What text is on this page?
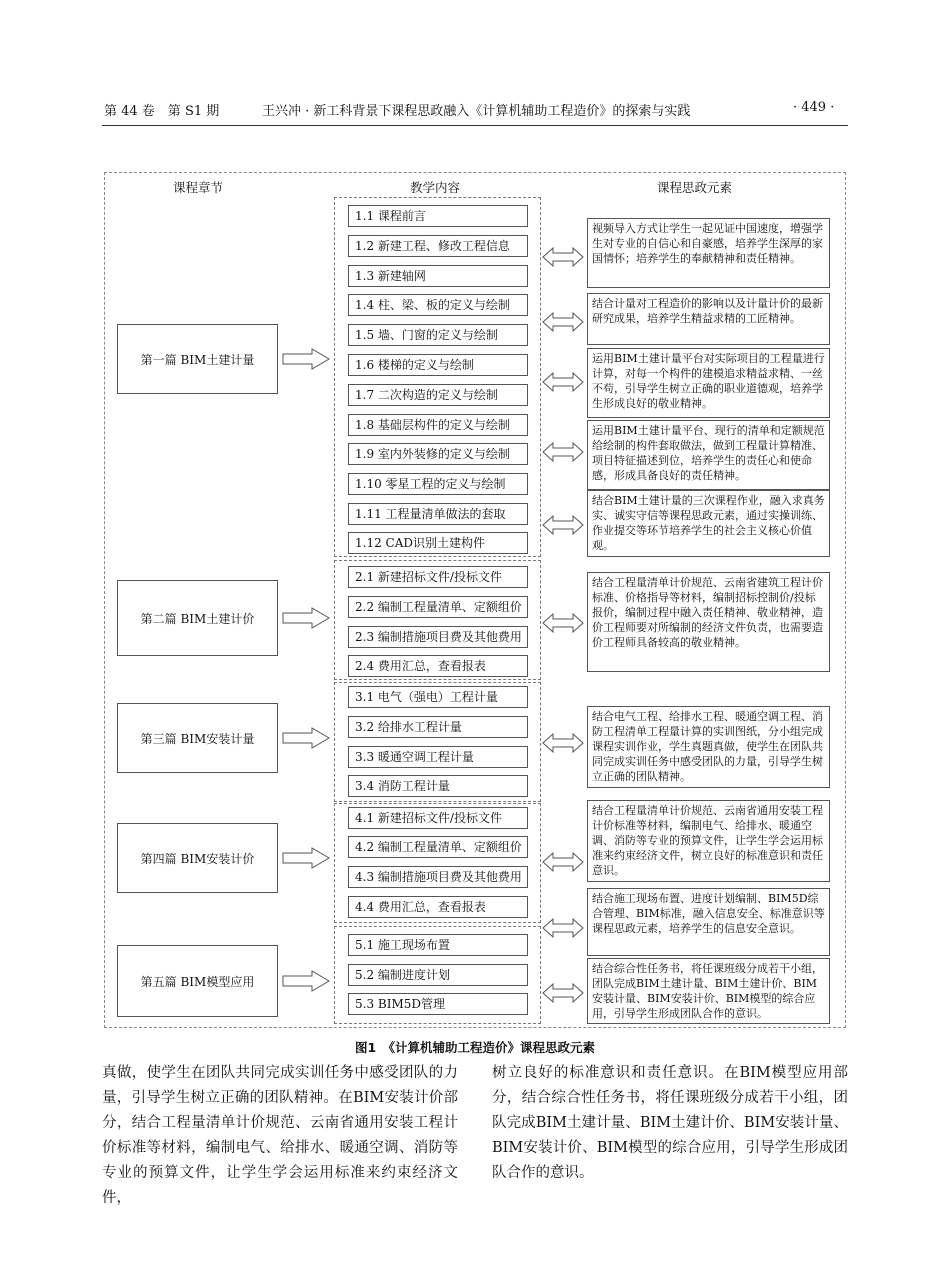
第 44 卷　第 S1 期	王兴冲 · 新工科背景下课程思政融入《计算机辅助工程造价》的探索与实践	· 449 ·
课程章节	教学内容	课程思政元素
第一篇 BIM土建计量
第二篇 BIM土建计价
第三篇 BIM安装计量
第四篇 BIM安装计价
第五篇 BIM模型应用
1.1 课程前言
1.2 新建工程、修改工程信息
1.3 新建轴网
1.4 柱、梁、板的定义与绘制
1.5 墙、门窗的定义与绘制
1.6 楼梯的定义与绘制
1.7 二次构造的定义与绘制
1.8 基础层构件的定义与绘制
1.9 室内外装修的定义与绘制
1.10 零星工程的定义与绘制
1.11 工程量清单做法的套取
1.12 CAD识别土建构件
2.1 新建招标文件/投标文件
2.2 编制工程量清单、定额组价
2.3 编制措施项目费及其他费用
2.4 费用汇总，查看报表
3.1 电气（强电）工程计量
3.2 给排水工程计量
3.3 暖通空调工程计量
3.4 消防工程计量
4.1 新建招标文件/投标文件
4.2 编制工程量清单、定额组价
4.3 编制措施项目费及其他费用
4.4 费用汇总，查看报表
5.1 施工现场布置
5.2 编制进度计划
5.3 BIM5D管理
视频导入方式让学生一起见证中国速度，增强学生对专业的自信心和自豪感，培养学生深厚的家国情怀；培养学生的奉献精神和责任精神。
结合计量对工程造价的影响以及计量计价的最新研究成果，培养学生精益求精的工匠精神。
运用BIM土建计量平台对实际项目的工程量进行计算，对每一个构件的建模追求精益求精、一丝不苟，引导学生树立正确的职业道德观，培养学生形成良好的敬业精神。
运用BIM土建计量平台、现行的清单和定额规范给绘制的构件套取做法，做到工程量计算精准、项目特征描述到位，培养学生的责任心和使命感，形成具备良好的责任精神。
结合BIM土建计量的三次课程作业，融入求真务实、诚实守信等课程思政元素，通过实操训练、作业提交等环节培养学生的社会主义核心价值观。
结合工程量清单计价规范、云南省建筑工程计价标准、价格指导等材料，编制招标控制价/投标报价，编制过程中融入责任精神、敬业精神，造价工程师要对所编制的经济文件负责，也需要造价工程师具备较高的敬业精神。
结合电气工程、给排水工程、暖通空调工程、消防工程清单工程量计算的实训图纸，分小组完成课程实训作业，学生真题真做，使学生在团队共同完成实训任务中感受团队的力量，引导学生树立正确的团队精神。
结合工程量清单计价规范、云南省通用安装工程计价标准等材料，编制电气、给排水、暖通空调、消防等专业的预算文件，让学生学会运用标准来约束经济文件，树立良好的标准意识和责任意识。
结合施工现场布置、进度计划编制、BIM5D综合管理、BIM标准，融入信息安全、标准意识等课程思政元素，培养学生的信息安全意识。
结合综合性任务书，将任课班级分成若干小组，团队完成BIM土建计量、BIM土建计价、BIM安装计量、BIM安装计价、BIM模型的综合应用，引导学生形成团队合作的意识。
图1　《计算机辅助工程造价》课程思政元素
真做，使学生在团队共同完成实训任务中感受团队的力量，引导学生树立正确的团队精神。在BIM安装计价部分，结合工程量清单计价规范、云南省通用安装工程计价标准等材料，编制电气、给排水、暖通空调、消防等专业的预算文件，让学生学会运用标准来约束经济文件，
树立良好的标准意识和责任意识。在BIM模型应用部分，结合综合性任务书，将任课班级分成若干小组，团队完成BIM土建计量、BIM土建计价、BIM安装计量、BIM安装计价、BIM模型的综合应用，引导学生形成团队合作的意识。
